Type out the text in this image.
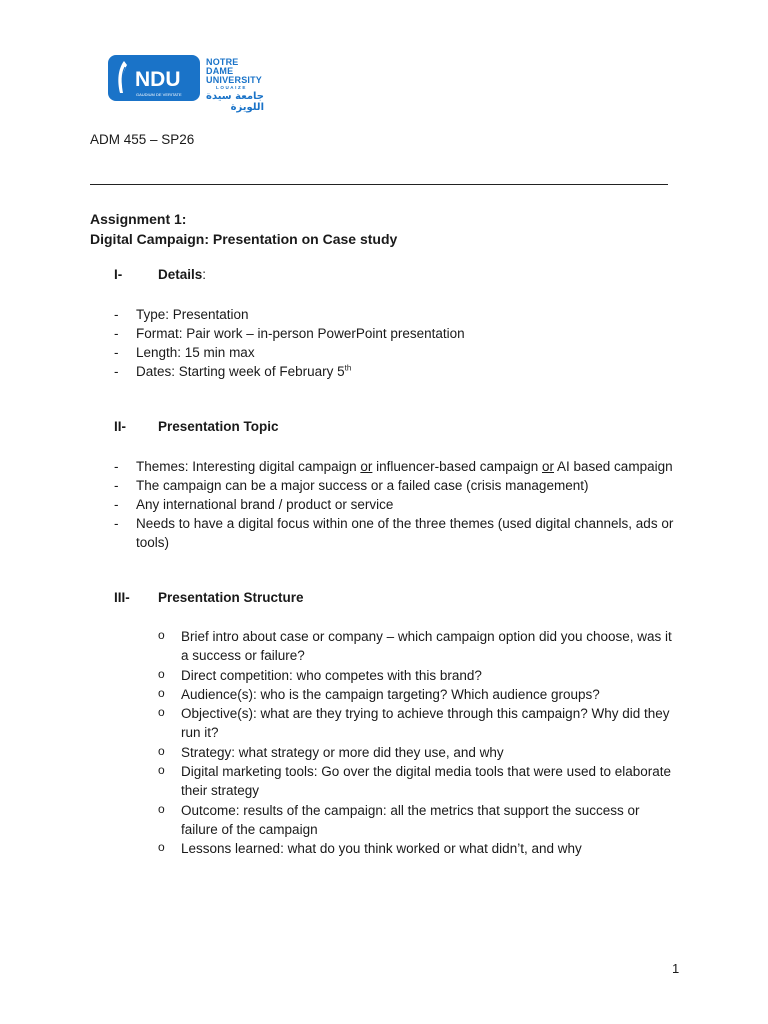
NDU
GAUDIUM DE VERITATE
NOTRE DAME
UNIVERSITY
LOUAIZE
جامعة سيدة
اللويزة
ADM 455 – SP26
Assignment 1:
Digital Campaign: Presentation on Case study
I-	Details:
- Type: Presentation
- Format: Pair work – in-person PowerPoint presentation
- Length: 15 min max
- Dates: Starting week of February 5th
II- Presentation Topic
- Themes: Interesting digital campaign or influencer-based campaign or AI based campaign
- The campaign can be a major success or a failed case (crisis management)
- Any international brand / product or service
- Needs to have a digital focus within one of the three themes (used digital channels, ads or tools)
III- Presentation Structure
o Brief intro about case or company – which campaign option did you choose, was it a success or failure?
o Direct competition: who competes with this brand?
o Audience(s): who is the campaign targeting? Which audience groups?
o Objective(s): what are they trying to achieve through this campaign? Why did they run it?
o Strategy: what strategy or more did they use, and why
o Digital marketing tools: Go over the digital media tools that were used to elaborate their strategy
o Outcome: results of the campaign: all the metrics that support the success or failure of the campaign
o Lessons learned: what do you think worked or what didn’t, and why
1
